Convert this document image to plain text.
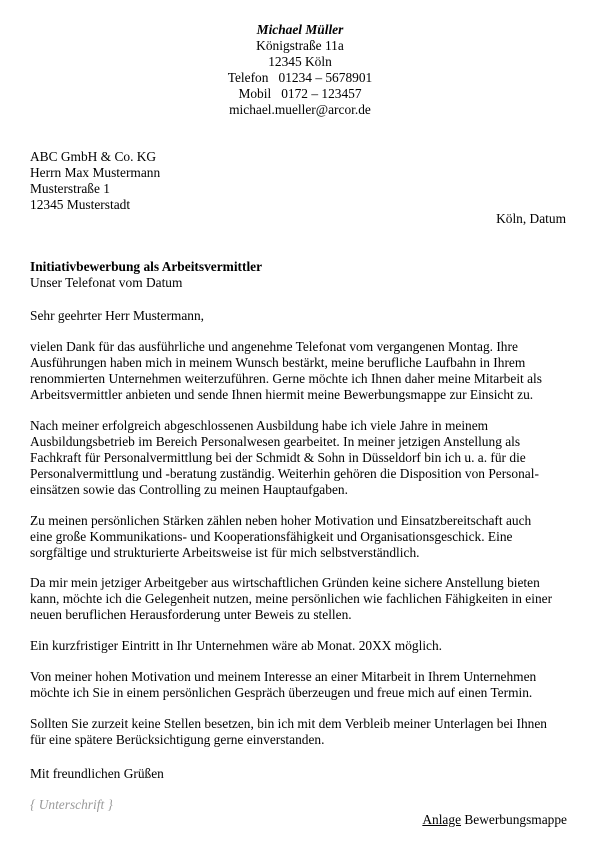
Michael Müller
Königstraße 11a
12345 Köln
Telefon   01234 – 5678901
Mobil   0172 – 123457
michael.mueller@arcor.de
ABC GmbH & Co. KG
Herrn Max Mustermann
Musterstraße 1
12345 Musterstadt
Köln, Datum
Initiativbewerbung als Arbeitsvermittler
Unser Telefonat vom Datum
Sehr geehrter Herr Mustermann,
vielen Dank für das ausführliche und angenehme Telefonat vom vergangenen Montag. Ihre
Ausführungen haben mich in meinem Wunsch bestärkt, meine berufliche Laufbahn in Ihrem
renommierten Unternehmen weiterzuführen. Gerne möchte ich Ihnen daher meine Mitarbeit als
Arbeitsvermittler anbieten und sende Ihnen hiermit meine Bewerbungsmappe zur Einsicht zu.
Nach meiner erfolgreich abgeschlossenen Ausbildung habe ich viele Jahre in meinem
Ausbildungsbetrieb im Bereich Personalwesen gearbeitet. In meiner jetzigen Anstellung als
Fachkraft für Personalvermittlung bei der Schmidt & Sohn in Düsseldorf bin ich u. a. für die
Personalvermittlung und -beratung zuständig. Weiterhin gehören die Disposition von Personal-
einsätzen sowie das Controlling zu meinen Hauptaufgaben.
Zu meinen persönlichen Stärken zählen neben hoher Motivation und Einsatzbereitschaft auch
eine große Kommunikations- und Kooperationsfähigkeit und Organisationsgeschick. Eine
sorgfältige und strukturierte Arbeitsweise ist für mich selbstverständlich.
Da mir mein jetziger Arbeitgeber aus wirtschaftlichen Gründen keine sichere Anstellung bieten
kann, möchte ich die Gelegenheit nutzen, meine persönlichen wie fachlichen Fähigkeiten in einer
neuen beruflichen Herausforderung unter Beweis zu stellen.
Ein kurzfristiger Eintritt in Ihr Unternehmen wäre ab Monat. 20XX möglich.
Von meiner hohen Motivation und meinem Interesse an einer Mitarbeit in Ihrem Unternehmen
möchte ich Sie in einem persönlichen Gespräch überzeugen und freue mich auf einen Termin.
Sollten Sie zurzeit keine Stellen besetzen, bin ich mit dem Verbleib meiner Unterlagen bei Ihnen
für eine spätere Berücksichtigung gerne einverstanden.
Mit freundlichen Grüßen
{ Unterschrift }
Anlage Bewerbungsmappe
